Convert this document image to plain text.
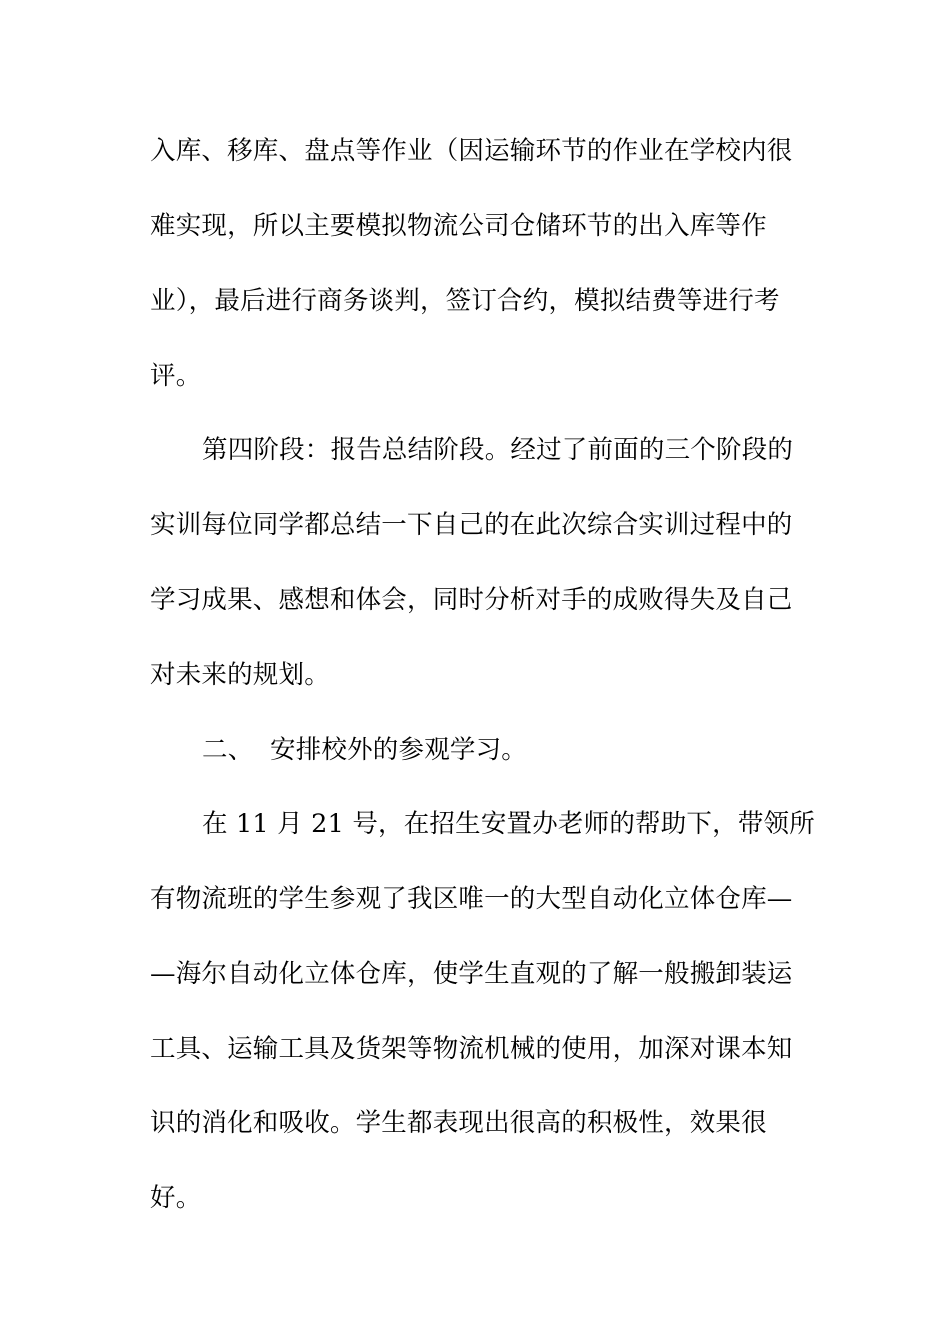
入库、移库、盘点等作业（因运输环节的作业在学校内很
难实现，所以主要模拟物流公司仓储环节的出入库等作
业），最后进行商务谈判，签订合约，模拟结费等进行考
评。
第四阶段：报告总结阶段。经过了前面的三个阶段的
实训每位同学都总结一下自己的在此次综合实训过程中的
学习成果、感想和体会，同时分析对手的成败得失及自己
对未来的规划。
二、  安排校外的参观学习。
在 11 月 21 号，在招生安置办老师的帮助下，带领所
有物流班的学生参观了我区唯一的大型自动化立体仓库—
—海尔自动化立体仓库，使学生直观的了解一般搬卸装运
工具、运输工具及货架等物流机械的使用，加深对课本知
识的消化和吸收。学生都表现出很高的积极性，效果很
好。
